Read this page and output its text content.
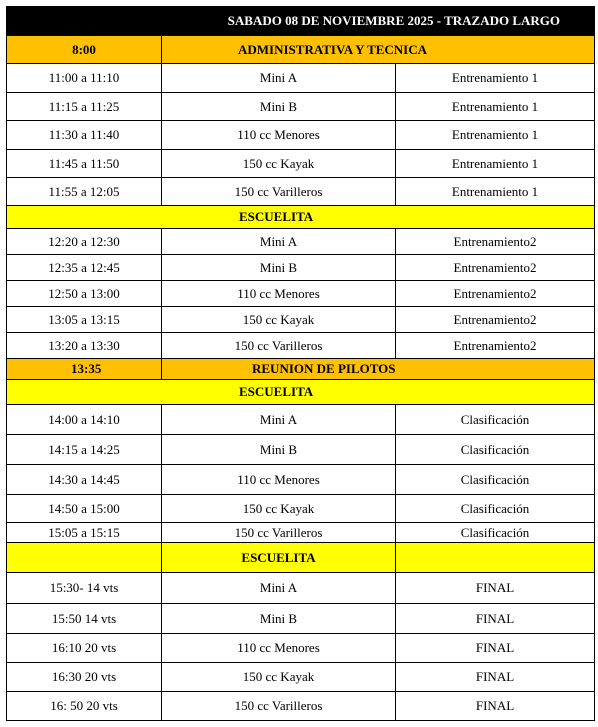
SABADO 08 DE NOVIEMBRE 2025 - TRAZADO LARGO		
8:00	ADMINISTRATIVA Y TECNICA	
11:00 a 11:10	Mini A	Entrenamiento 1
11:15 a 11:25	Mini B	Entrenamiento 1
11:30 a 11:40	110 cc Menores	Entrenamiento 1
11:45 a 11:50	150 cc Kayak	Entrenamiento 1
11:55 a 12:05	150 cc Varilleros	Entrenamiento 1
ESCUELITA		
12:20 a 12:30	Mini A	Entrenamiento2
12:35 a 12:45	Mini B	Entrenamiento2
12:50 a 13:00	110 cc Menores	Entrenamiento2
13:05 a 13:15	150 cc Kayak	Entrenamiento2
13:20 a 13:30	150 cc Varilleros	Entrenamiento2
13:35	REUNION DE PILOTOS	
ESCUELITA		
14:00 a 14:10	Mini A	Clasificación
14:15 a 14:25	Mini B	Clasificación
14:30 a 14:45	110 cc Menores	Clasificación
14:50 a 15:00	150 cc Kayak	Clasificación
15:05 a 15:15	150 cc Varilleros	Clasificación
	ESCUELITA	
15:30- 14 vts	Mini A	FINAL
15:50 14 vts	Mini B	FINAL
16:10 20 vts	110 cc Menores	FINAL
16:30 20 vts	150 cc Kayak	FINAL
16: 50 20 vts	150 cc Varilleros	FINAL
